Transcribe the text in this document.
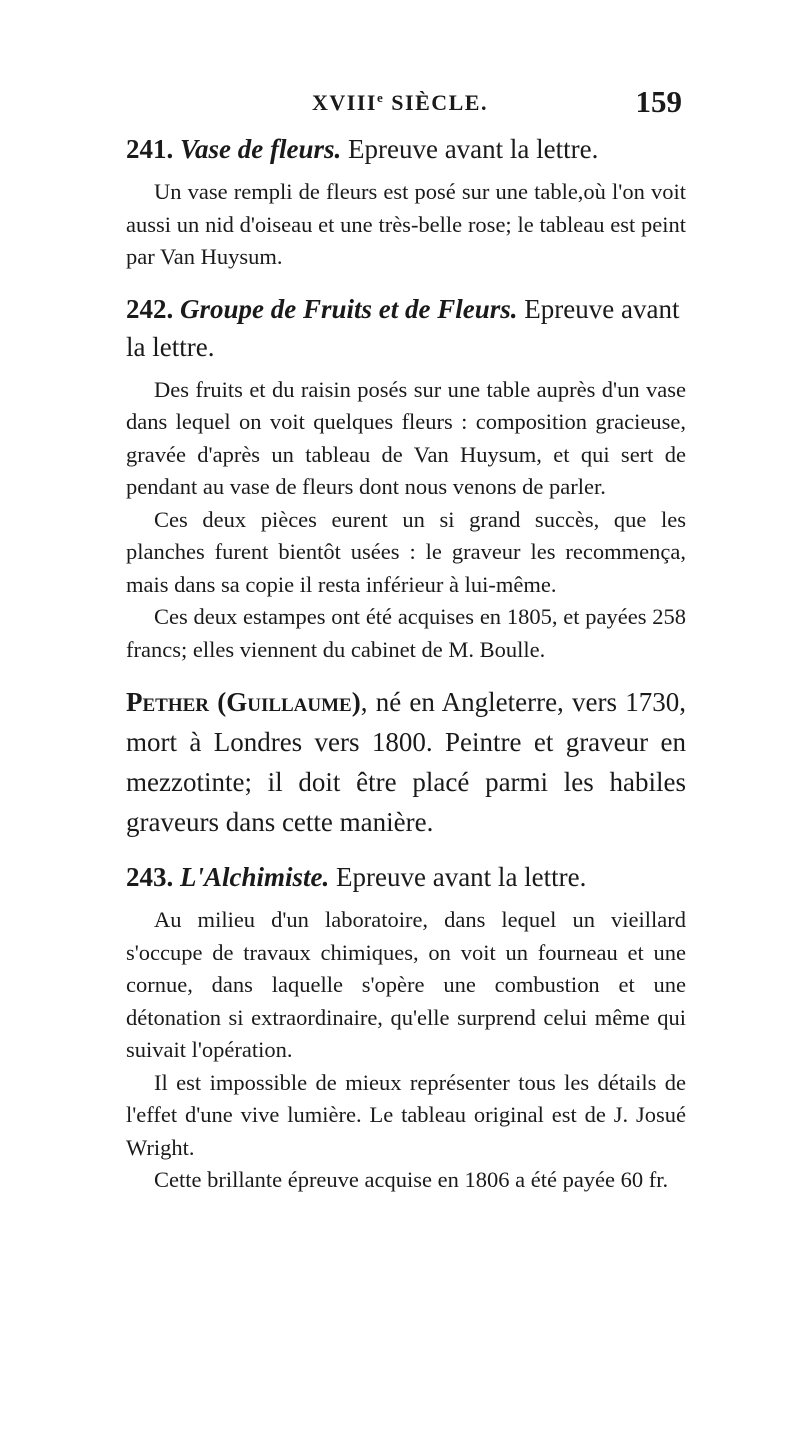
XVIIIe SIÈCLE.	159

241. Vase de fleurs. Epreuve avant la lettre.

Un vase rempli de fleurs est posé sur une table,où l'on voit aussi un nid d'oiseau et une très-belle rose; le tableau est peint par Van Huysum.

242. Groupe de Fruits et de Fleurs. Epreuve avant la lettre.

Des fruits et du raisin posés sur une table auprès d'un vase dans lequel on voit quelques fleurs : composition gracieuse, gravée d'après un tableau de Van Huysum, et qui sert de pendant au vase de fleurs dont nous venons de parler.

Ces deux pièces eurent un si grand succès, que les planches furent bientôt usées : le graveur les recommença, mais dans sa copie il resta inférieur à lui-même.

Ces deux estampes ont été acquises en 1805, et payées 258 francs; elles viennent du cabinet de M. Boulle.

Pether (Guillaume), né en Angleterre, vers 1730, mort à Londres vers 1800. Peintre et graveur en mezzotinte; il doit être placé parmi les habiles graveurs dans cette manière.

243. L'Alchimiste. Epreuve avant la lettre.

Au milieu d'un laboratoire, dans lequel un vieillard s'occupe de travaux chimiques, on voit un fourneau et une cornue, dans laquelle s'opère une combustion et une détonation si extraordinaire, qu'elle surprend celui même qui suivait l'opération.

Il est impossible de mieux représenter tous les détails de l'effet d'une vive lumière. Le tableau original est de J. Josué Wright.

Cette brillante épreuve acquise en 1806 a été payée 60 fr.
